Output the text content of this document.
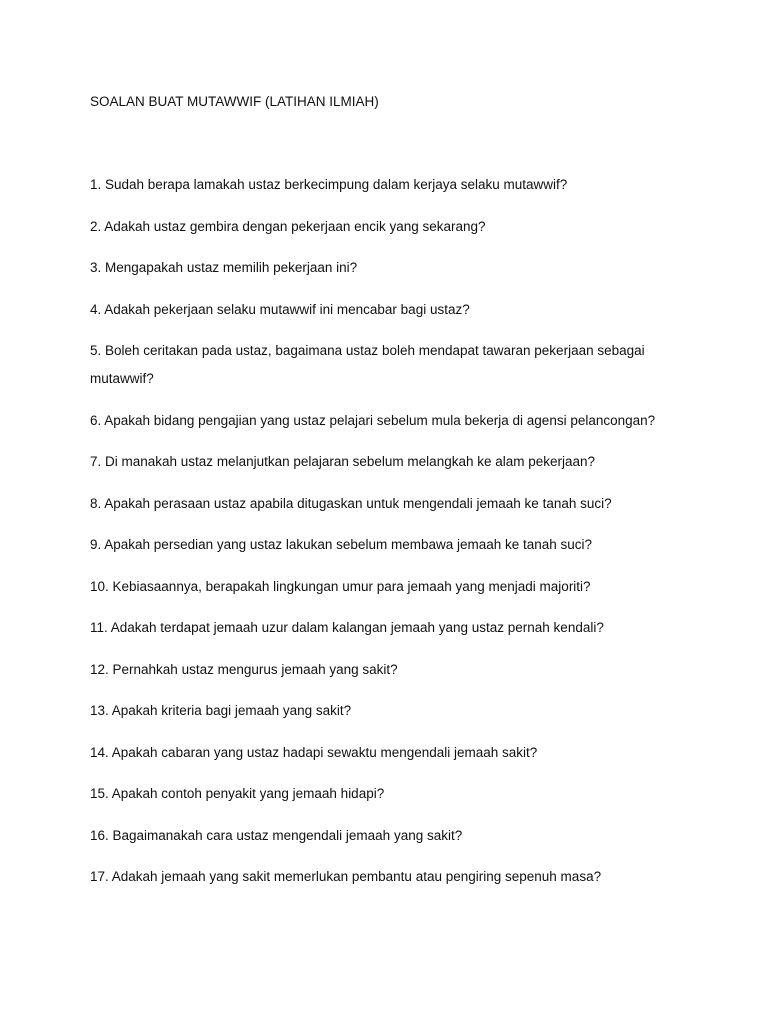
SOALAN BUAT MUTAWWIF (LATIHAN ILMIAH)
1. Sudah berapa lamakah ustaz berkecimpung dalam kerjaya selaku mutawwif?
2. Adakah ustaz gembira dengan pekerjaan encik yang sekarang?
3. Mengapakah ustaz memilih pekerjaan ini?
4. Adakah pekerjaan selaku mutawwif ini mencabar bagi ustaz?
5. Boleh ceritakan pada ustaz, bagaimana ustaz boleh mendapat tawaran pekerjaan sebagai
mutawwif?
6. Apakah bidang pengajian yang ustaz pelajari sebelum mula bekerja di agensi pelancongan?
7. Di manakah ustaz melanjutkan pelajaran sebelum melangkah ke alam pekerjaan?
8. Apakah perasaan ustaz apabila ditugaskan untuk mengendali jemaah ke tanah suci?
9. Apakah persedian yang ustaz lakukan sebelum membawa jemaah ke tanah suci?
10. Kebiasaannya, berapakah lingkungan umur para jemaah yang menjadi majoriti?
11. Adakah terdapat jemaah uzur dalam kalangan jemaah yang ustaz pernah kendali?
12. Pernahkah ustaz mengurus jemaah yang sakit?
13. Apakah kriteria bagi jemaah yang sakit?
14. Apakah cabaran yang ustaz hadapi sewaktu mengendali jemaah sakit?
15. Apakah contoh penyakit yang jemaah hidapi?
16. Bagaimanakah cara ustaz mengendali jemaah yang sakit?
17. Adakah jemaah yang sakit memerlukan pembantu atau pengiring sepenuh masa?
